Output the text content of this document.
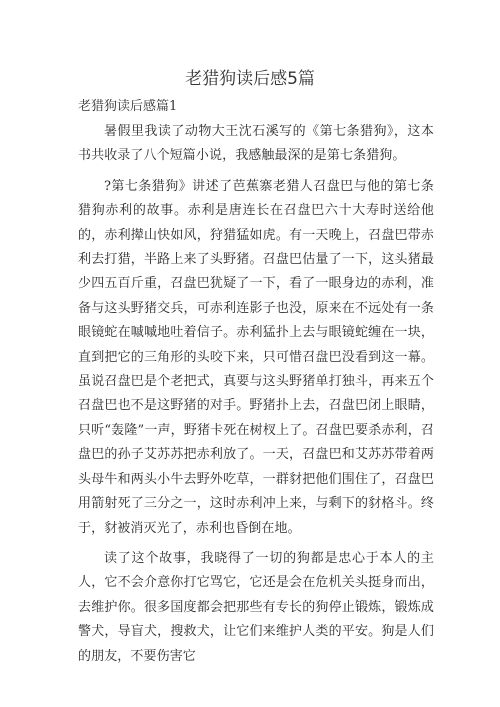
老猎狗读后感5篇
老猎狗读后感篇1

暑假里我读了动物大王沈石溪写的《第七条猎狗》，这本书共收录了八个短篇小说，我感触最深的是第七条猎狗。

?第七条猎狗》讲述了芭蕉寨老猎人召盘巴与他的第七条猎狗赤利的故事。赤利是唐连长在召盘巴六十大寿时送给他的，赤利撵山快如风，狩猎猛如虎。有一天晚上，召盘巴带赤利去打猎，半路上来了头野猪。召盘巴估量了一下，这头猪最少四五百斤重，召盘巴犹疑了一下，看了一眼身边的赤利，准备与这头野猪交兵，可赤利连影子也没，原来在不远处有一条眼镜蛇在嘁嘁地吐着信子。赤利猛扑上去与眼镜蛇缠在一块，直到把它的三角形的头咬下来，只可惜召盘巴没看到这一幕。虽说召盘巴是个老把式，真要与这头野猪单打独斗，再来五个召盘巴也不是这野猪的对手。野猪扑上去，召盘巴闭上眼睛，只听“轰隆”一声，野猪卡死在树杈上了。召盘巴要杀赤利，召盘巴的孙子艾苏苏把赤利放了。一天，召盘巴和艾苏苏带着两头母牛和两头小牛去野外吃草，一群豺把他们围住了，召盘巴用箭射死了三分之一，这时赤利冲上来，与剩下的豺格斗。终于，豺被消灭光了，赤利也昏倒在地。

读了这个故事，我晓得了一切的狗都是忠心于本人的主人，它不会介意你打它骂它，它还是会在危机关头挺身而出，去维护你。很多国度都会把那些有专长的狗停止锻炼，锻炼成警犬，导盲犬，搜救犬，让它们来维护人类的平安。狗是人们的朋友，不要伤害它
